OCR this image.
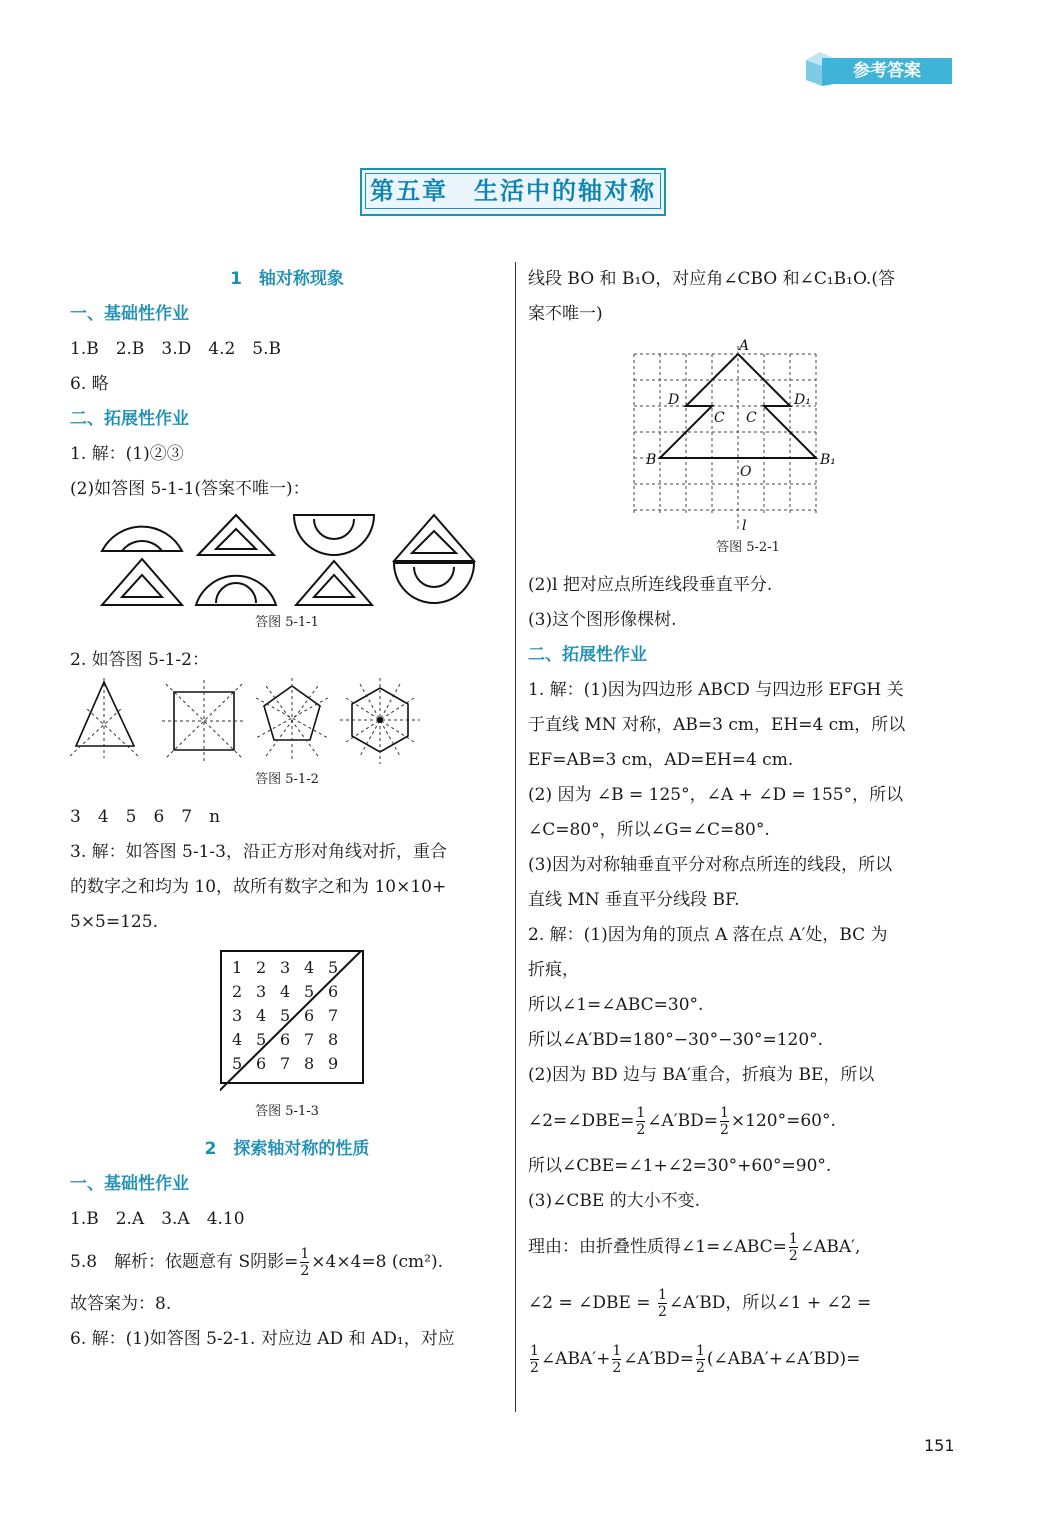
参考答案
第五章　生活中的轴对称
1　轴对称现象
一、基础性作业
1.B　2.B　3.D　4.2　5.B
6. 略
二、拓展性作业
1. 解：(1)②③
(2)如答图 5-1-1(答案不唯一)：
答图 5-1-1
2. 如答图 5-1-2：
答图 5-1-2
3　4　5　6　7　n
3. 解：如答图 5-1-3，沿正方形对角线对折，重合
的数字之和均为 10，故所有数字之和为 10×10+
5×5=125.
1 2 3 4 5
2 3 4 5 6
3 4 5 6 7
4 5 6 7 8
5 6 7 8 9
答图 5-1-3
2　探索轴对称的性质
一、基础性作业
1.B　2.A　3.A　4.10
5.8　解析：依题意有 S阴影= $\frac{1}{2} \times 4\times 4=8$ (cm²).
故答案为：8.
6. 解：(1)如答图 5-2-1. 对应边 AD 和 AD₁，对应
线段 BO 和 B₁O，对应角∠CBO 和∠C₁B₁O.(答
案不唯一)
A
D	D₁
C C
B	B₁
O
l
答图 5-2-1
(2)l 把对应点所连线段垂直平分.
(3)这个图形像棵树.
二、拓展性作业
1. 解：(1)因为四边形 ABCD 与四边形 EFGH 关
于直线 MN 对称，AB=3 cm，EH=4 cm，所以
EF=AB=3 cm，AD=EH=4 cm.
(2) 因为 ∠B = 125°，∠A + ∠D = 155°，所以
∠C=80°，所以∠G=∠C=80°.
(3)因为对称轴垂直平分对称点所连的线段，所以
直线 MN 垂直平分线段 BF.
2. 解：(1)因为角的顶点 A 落在点 A′处，BC 为
折痕，
所以∠1=∠ABC=30°.
所以∠A′BD=180°−30°−30°=120°.
(2)因为 BD 边与 BA′重合，折痕为 BE，所以
∠2=∠DBE= $\frac{1}{2}$ ∠A′BD= $\frac{1}{2} \times 120^\circ=60^\circ$.
所以∠CBE=∠1+∠2=30°+60°=90°.
(3)∠CBE 的大小不变.
理由：由折叠性质得∠1=∠ABC= $\frac{1}{2}$ ∠ABA′,
∠2 = ∠DBE = $\frac{1}{2}$ ∠A′BD，所以∠1 + ∠2 =
$\frac{1}{2}$ ∠ABA′+ $\frac{1}{2}$ ∠A′BD= $\frac{1}{2}$ (∠ABA′+∠A′BD)=
151
